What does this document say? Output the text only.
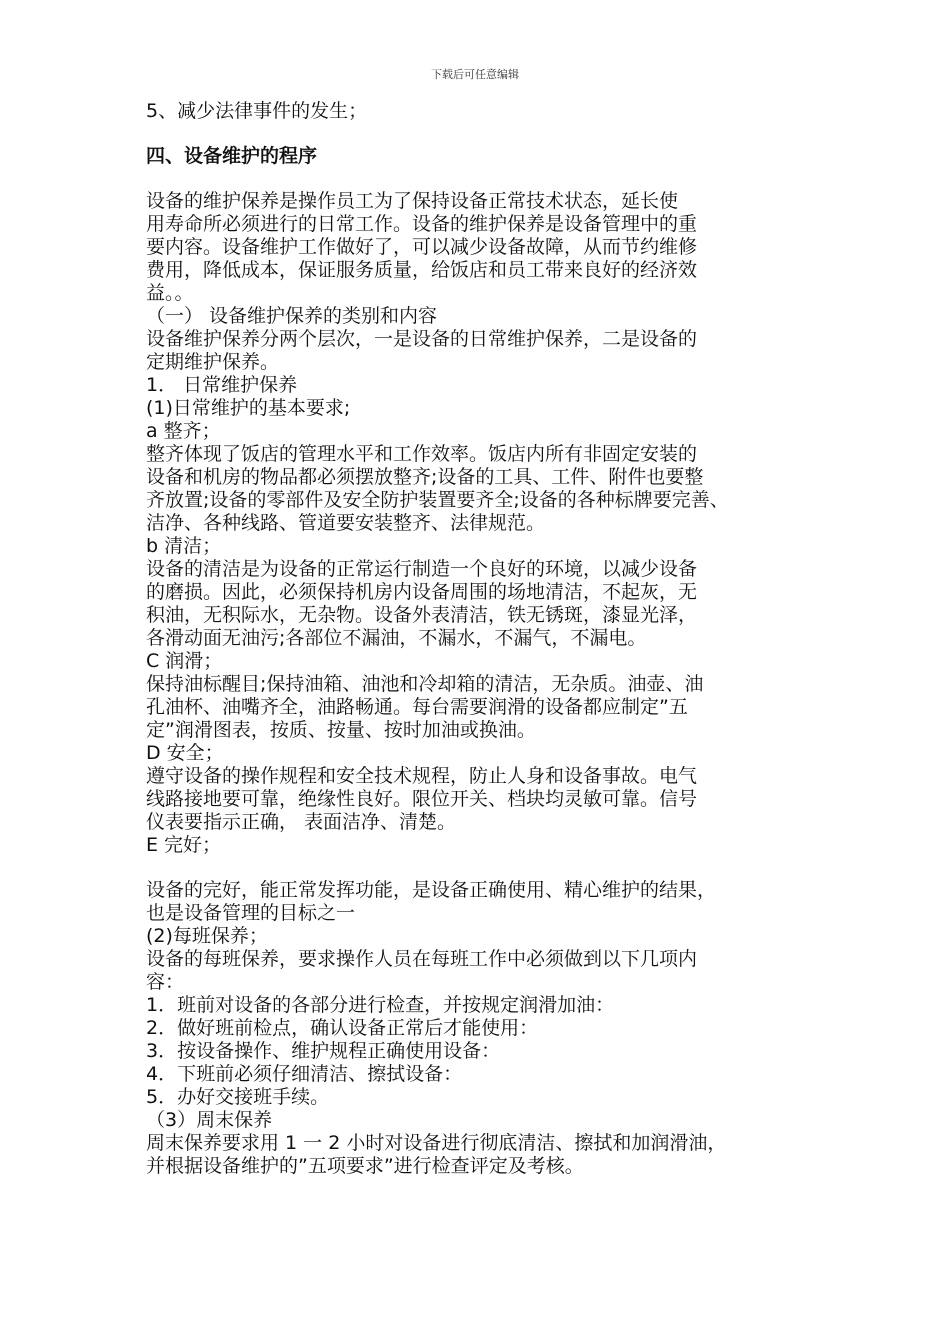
下载后可任意编辑

5、减少法律事件的发生；

四、设备维护的程序

设备的维护保养是操作员工为了保持设备正常技术状态，延长使

用寿命所必须进行的日常工作。设备的维护保养是设备管理中的重

要内容。设备维护工作做好了，可以减少设备故障，从而节约维修

费用，降低成本，保证服务质量，给饭店和员工带来良好的经济效

益。。

（一） 设备维护保养的类别和内容

设备维护保养分两个层次，一是设备的日常维护保养，二是设备的

定期维护保养。

1． 日常维护保养

(1)日常维护的基本要求;

a 整齐；

整齐体现了饭店的管理水平和工作效率。饭店内所有非固定安装的

设备和机房的物品都必须摆放整齐;设备的工具、工件、附件也要整

齐放置;设备的零部件及安全防护装置要齐全;设备的各种标牌要完善、

洁净、各种线路、管道要安装整齐、法律规范。

b 清洁；

设备的清洁是为设备的正常运行制造一个良好的环境，以减少设备

的磨损。因此，必须保持机房内设备周围的场地清洁，不起灰，无

积油，无积际水，无杂物。设备外表清洁，铁无锈斑，漆显光泽，

各滑动面无油污;各部位不漏油，不漏水，不漏气，不漏电。

C 润滑；

保持油标醒目;保持油箱、油池和冷却箱的清洁，无杂质。油壶、油

孔油杯、油嘴齐全，油路畅通。每台需要润滑的设备都应制定”五

定”润滑图表，按质、按量、按时加油或换油。

D 安全；

遵守设备的操作规程和安全技术规程，防止人身和设备事故。电气

线路接地要可靠，绝缘性良好。限位开关、档块均灵敏可靠。信号

仪表要指示正确， 表面洁净、清楚。

E 完好；

设备的完好，能正常发挥功能，是设备正确使用、精心维护的结果，

也是设备管理的目标之一

(2)每班保养；

设备的每班保养，要求操作人员在每班工作中必须做到以下几项内

容：

1．班前对设备的各部分进行检查，并按规定润滑加油：

2．做好班前检点，确认设备正常后才能使用：

3．按设备操作、维护规程正确使用设备：

4．下班前必须仔细清洁、擦拭设备：

5．办好交接班手续。

（3）周末保养

周末保养要求用 1 一 2 小时对设备进行彻底清洁、擦拭和加润滑油，

并根据设备维护的”五项要求”进行检查评定及考核。
